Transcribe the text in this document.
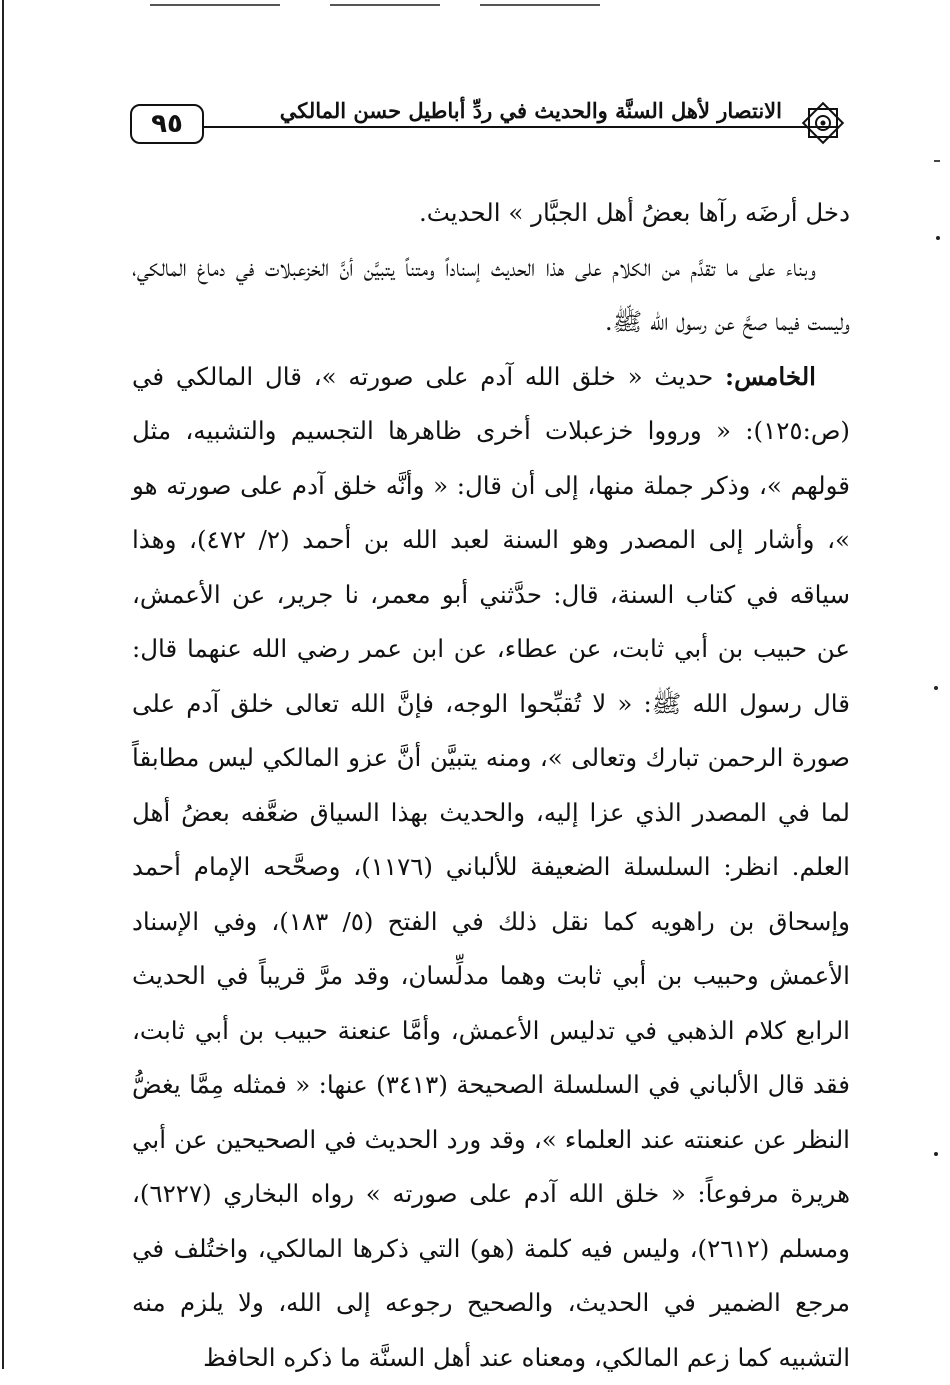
الانتصار لأهل السنَّة والحديث في ردِّ أباطيل حسن المالكي
٩٥

دخل أرضَه رآها بعضُ أهل الجبَّار » الحديث.

وبناء على ما تقدَّم من الكلام على هذا الحديث إسناداً ومتناً يتبيَّن أنَّ الخزعبلات في دماغ المالكي، وليست فيما صحَّ عن رسول الله ﷺ.

الخامس: حديث « خلق الله آدم على صورته »، قال المالكي في (ص:١٢٥): « ورووا خزعبلات أخرى ظاهرها التجسيم والتشبيه، مثل قولهم »، وذكر جملة منها، إلى أن قال: « وأنَّه خلق آدم على صورته هو »، وأشار إلى المصدر وهو السنة لعبد الله بن أحمد (٢/ ٤٧٢)، وهذا سياقه في كتاب السنة، قال: حدَّثني أبو معمر، نا جرير، عن الأعمش، عن حبيب بن أبي ثابت، عن عطاء، عن ابن عمر رضي الله عنهما قال: قال رسول الله ﷺ: « لا تُقبِّحوا الوجه، فإنَّ الله تعالى خلق آدم على صورة الرحمن تبارك وتعالى »، ومنه يتبيَّن أنَّ عزو المالكي ليس مطابقاً لما في المصدر الذي عزا إليه، والحديث بهذا السياق ضعَّفه بعضُ أهل العلم. انظر: السلسلة الضعيفة للألباني (١١٧٦)، وصحَّحه الإمام أحمد وإسحاق بن راهويه كما نقل ذلك في الفتح (٥/ ١٨٣)، وفي الإسناد الأعمش وحبيب بن أبي ثابت وهما مدلِّسان، وقد مرَّ قريباً في الحديث الرابع كلام الذهبي في تدليس الأعمش، وأمَّا عنعنة حبيب بن أبي ثابت، فقد قال الألباني في السلسلة الصحيحة (٣٤١٣) عنها: « فمثله مِمَّا يغضُّ النظر عن عنعنته عند العلماء »، وقد ورد الحديث في الصحيحين عن أبي هريرة مرفوعاً: « خلق الله آدم على صورته » رواه البخاري (٦٢٢٧)، ومسلم (٢٦١٢)، وليس فيه كلمة (هو) التي ذكرها المالكي، واختُلف في مرجع الضمير في الحديث، والصحيح رجوعه إلى الله، ولا يلزم منه التشبيه كما زعم المالكي، ومعناه عند أهل السنَّة ما ذكره الحافظ
